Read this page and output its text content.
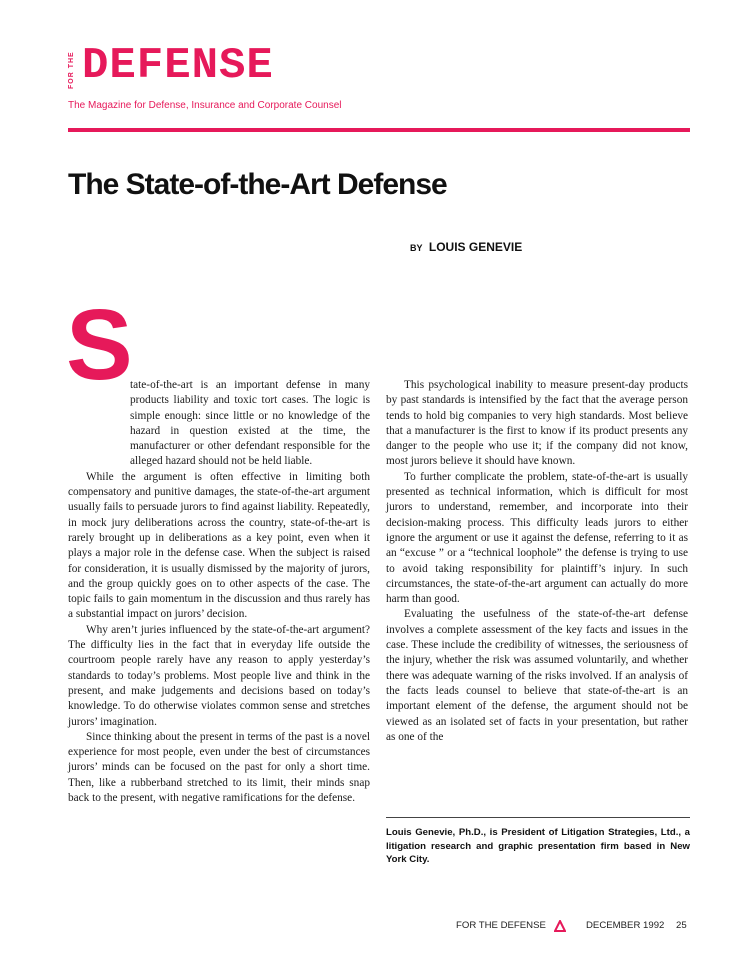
FOR THE DEFENSE
The Magazine for Defense, Insurance and Corporate Counsel
The State-of-the-Art Defense
BY LOUIS GENEVIE
S

tate-of-the-art is an important defense in many products liability and toxic tort cases. The logic is simple enough: since little or no knowledge of the hazard in question existed at the time, the manufacturer or other defendant responsible for the alleged hazard should not be held liable.

While the argument is often effective in limiting both compensatory and punitive damages, the state-of-the-art argument usually fails to persuade jurors to find against liability. Repeatedly, in mock jury deliberations across the country, state-of-the-art is rarely brought up in deliberations as a key point, even when it plays a major role in the defense case. When the subject is raised for consideration, it is usually dismissed by the majority of jurors, and the group quickly goes on to other aspects of the case. The topic fails to gain momentum in the discussion and thus rarely has a substantial impact on jurors’ decision.

Why aren’t juries influenced by the state-of-the-art argument? The difficulty lies in the fact that in everyday life outside the courtroom people rarely have any reason to apply yesterday’s standards to today’s problems. Most people live and think in the present, and make judgements and decisions based on today’s knowledge. To do otherwise violates common sense and stretches jurors’ imagination.

Since thinking about the present in terms of the past is a novel experience for most people, even under the best of circumstances jurors’ minds can be focused on the past for only a short time. Then, like a rubberband stretched to its limit, their minds snap back to the present, with negative ramifications for the defense.

This psychological inability to measure present-day products by past standards is intensified by the fact that the average person tends to hold big companies to very high standards. Most believe that a manufacturer is the first to know if its product presents any danger to the people who use it; if the company did not know, most jurors believe it should have known.

To further complicate the problem, state-of-the-art is usually presented as technical information, which is difficult for most jurors to understand, remember, and incorporate into their decision-making process. This difficulty leads jurors to either ignore the argument or use it against the defense, referring to it as an “excuse ” or a “technical loophole” the defense is trying to use to avoid taking responsibility for plaintiff’s injury. In such circumstances, the state-of-the-art argument can actually do more harm than good.

Evaluating the usefulness of the state-of-the-art defense involves a complete assessment of the key facts and issues in the case. These include the credibility of witnesses, the seriousness of the injury, whether the risk was assumed voluntarily, and whether there was adequate warning of the risks involved. If an analysis of the facts leads counsel to believe that state-of-the-art is an important element of the defense, the argument should not be viewed as an isolated set of facts in your presentation, but rather as one of the

Louis Genevie, Ph.D., is President of Litigation Strategies, Ltd., a litigation research and graphic presentation firm based in New York City.
FOR THE DEFENSE	DECEMBER 1992 25
